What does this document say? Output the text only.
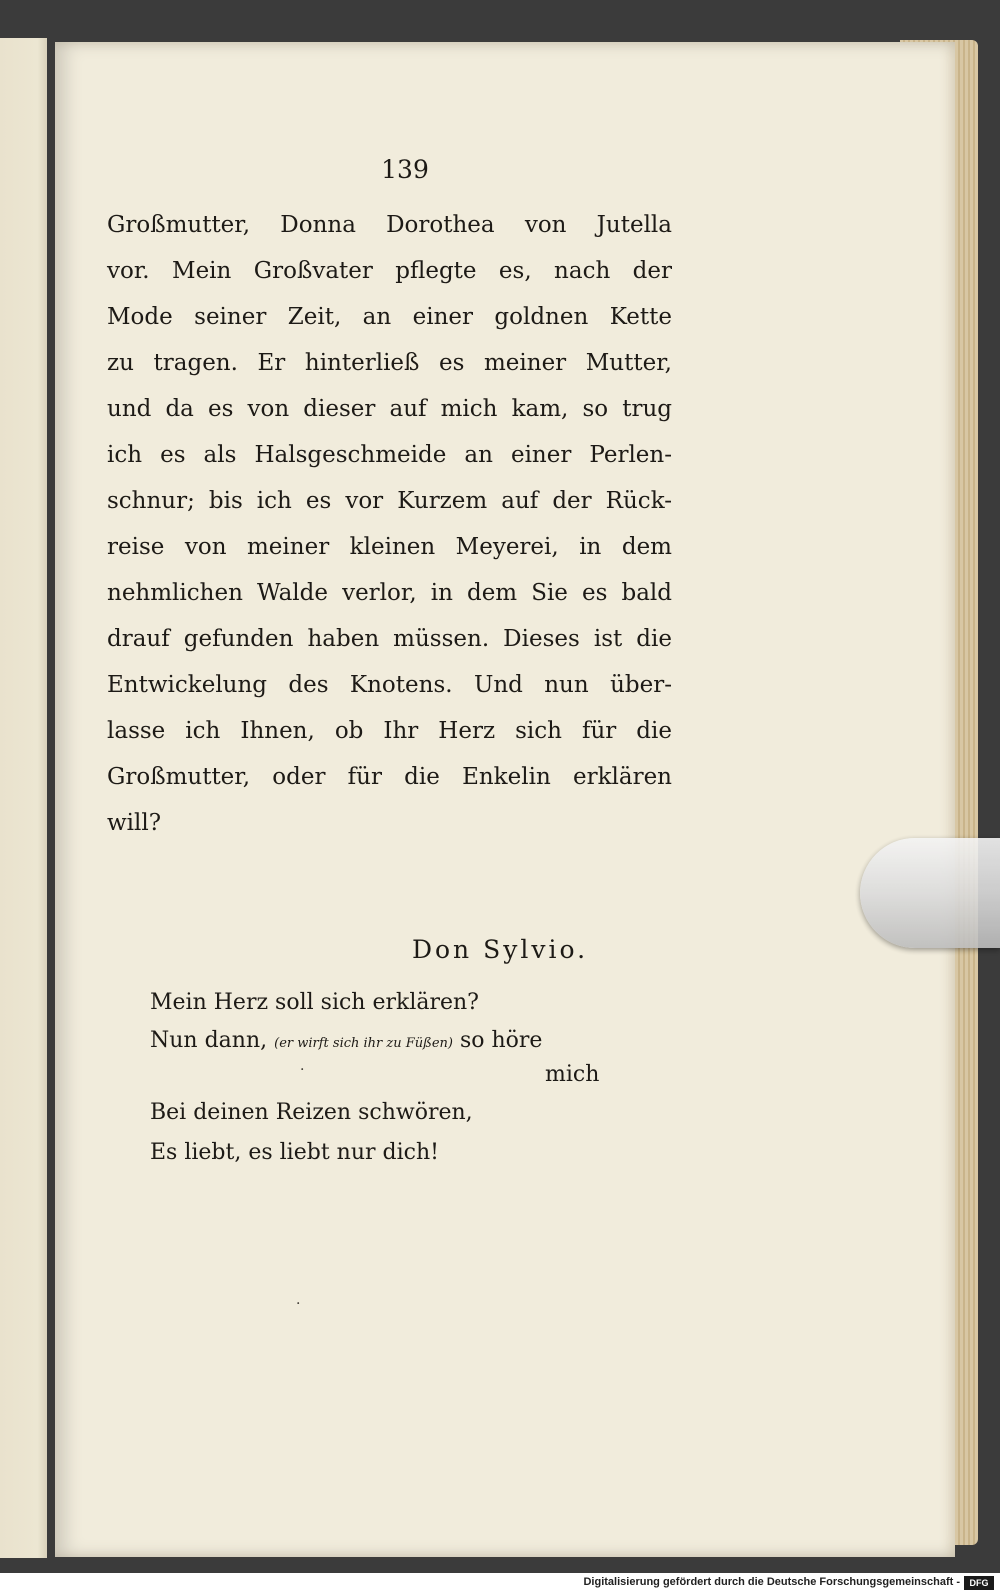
139
Großmutter, Donna Dorothea von Jutella
vor. Mein Großvater pflegte es, nach der
Mode seiner Zeit, an einer goldnen Kette
zu tragen. Er hinterließ es meiner Mutter,
und da es von dieser auf mich kam, so trug
ich es als Halsgeschmeide an einer Perlen-
schnur; bis ich es vor Kurzem auf der Rück-
reise von meiner kleinen Meyerei, in dem
nehmlichen Walde verlor, in dem Sie es bald
drauf gefunden haben müssen. Dieses ist die
Entwickelung des Knotens. Und nun über-
lasse ich Ihnen, ob Ihr Herz sich für die
Großmutter, oder für die Enkelin erklären
will?
Don Sylvio.
Mein Herz soll sich erklären?
Nun dann, (er wirft sich ihr zu Füßen) so höre
mich
Bei deinen Reizen schwören,
Es liebt, es liebt nur dich!
·
·
Digitalisierung gefördert durch die Deutsche Forschungsgemeinschaft -	DFG
